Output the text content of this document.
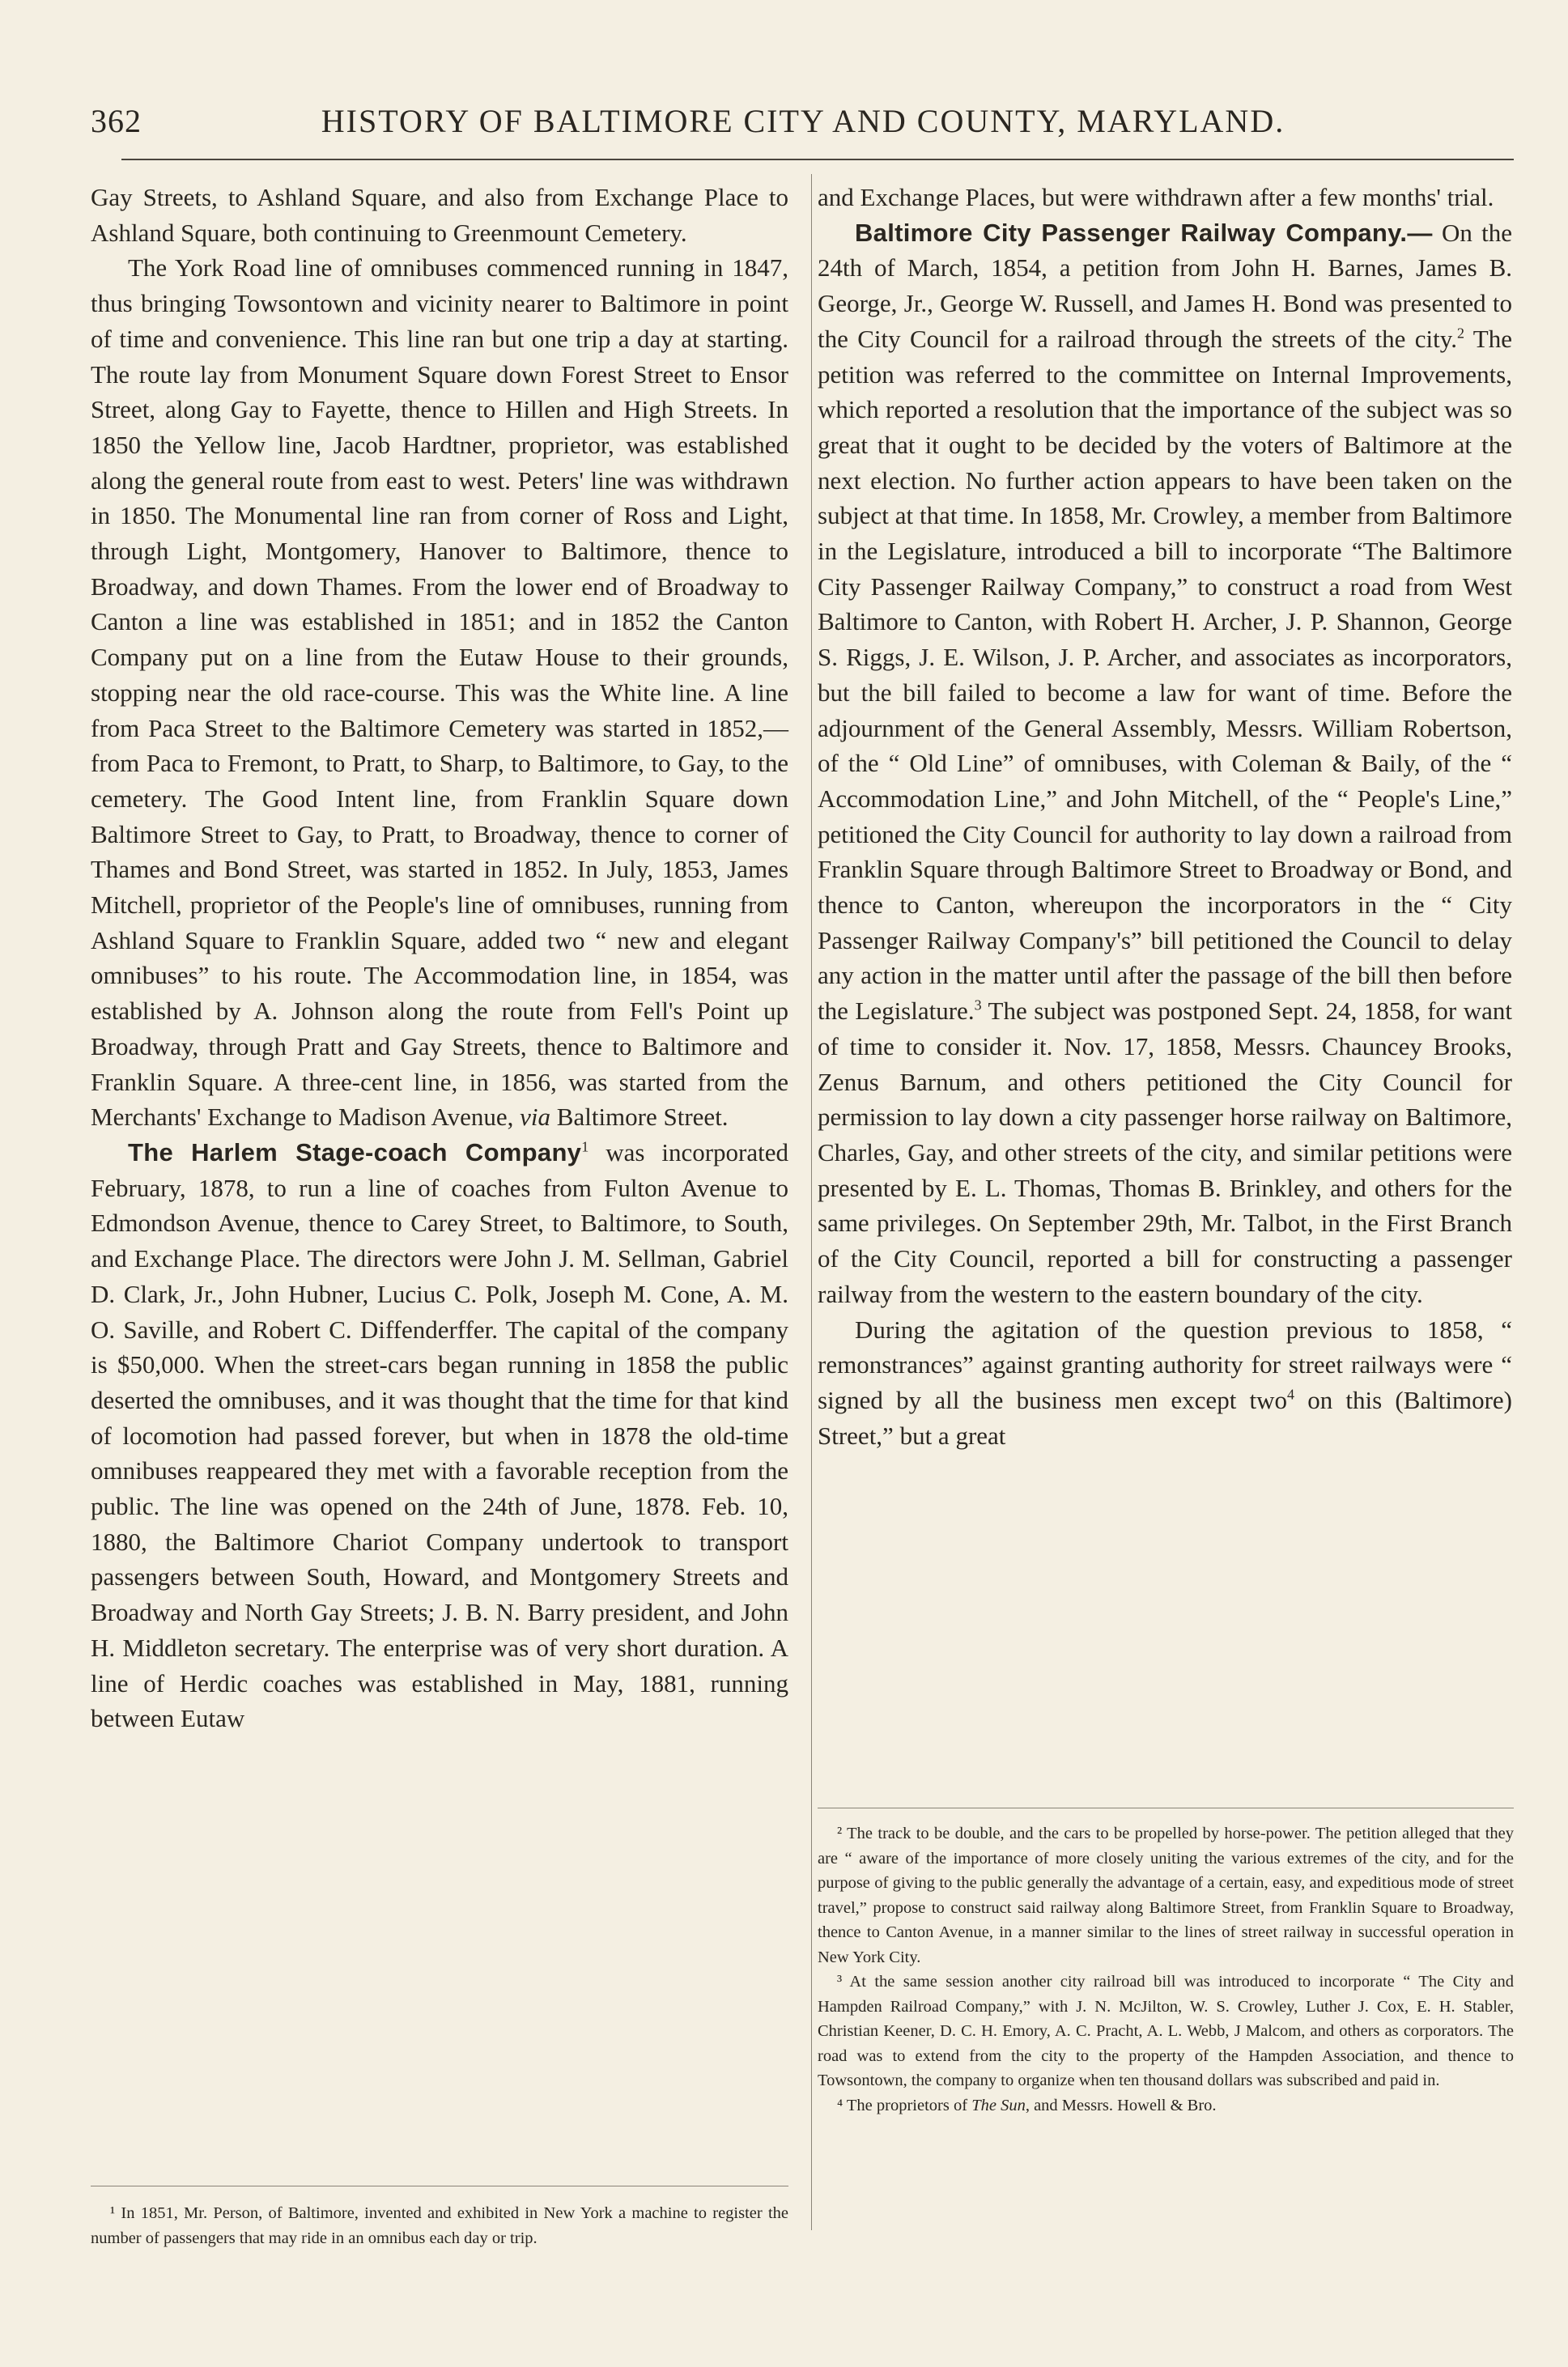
362	HISTORY OF BALTIMORE CITY AND COUNTY, MARYLAND.

Gay Streets, to Ashland Square, and also from Exchange Place to Ashland Square, both continuing to Greenmount Cemetery.

The York Road line of omnibuses commenced running in 1847, thus bringing Towsontown and vicinity nearer to Baltimore in point of time and convenience. This line ran but one trip a day at starting. The route lay from Monument Square down Forest Street to Ensor Street, along Gay to Fayette, thence to Hillen and High Streets. In 1850 the Yellow line, Jacob Hardtner, proprietor, was established along the general route from east to west. Peters' line was withdrawn in 1850. The Monumental line ran from corner of Ross and Light, through Light, Montgomery, Hanover to Baltimore, thence to Broadway, and down Thames. From the lower end of Broadway to Canton a line was established in 1851; and in 1852 the Canton Company put on a line from the Eutaw House to their grounds, stopping near the old race-course. This was the White line. A line from Paca Street to the Baltimore Cemetery was started in 1852,—from Paca to Fremont, to Pratt, to Sharp, to Baltimore, to Gay, to the cemetery. The Good Intent line, from Franklin Square down Baltimore Street to Gay, to Pratt, to Broadway, thence to corner of Thames and Bond Street, was started in 1852. In July, 1853, James Mitchell, proprietor of the People's line of omnibuses, running from Ashland Square to Franklin Square, added two “ new and elegant omnibuses” to his route. The Accommodation line, in 1854, was established by A. Johnson along the route from Fell's Point up Broadway, through Pratt and Gay Streets, thence to Baltimore and Franklin Square. A three-cent line, in 1856, was started from the Merchants' Exchange to Madison Avenue, via Baltimore Street.

The Harlem Stage-coach Company$^1$ was incorporated February, 1878, to run a line of coaches from Fulton Avenue to Edmondson Avenue, thence to Carey Street, to Baltimore, to South, and Exchange Place. The directors were John J. M. Sellman, Gabriel D. Clark, Jr., John Hubner, Lucius C. Polk, Joseph M. Cone, A. M. O. Saville, and Robert C. Diffenderffer. The capital of the company is $50,000. When the street-cars began running in 1858 the public deserted the omnibuses, and it was thought that the time for that kind of locomotion had passed forever, but when in 1878 the old-time omnibuses reappeared they met with a favorable reception from the public. The line was opened on the 24th of June, 1878. Feb. 10, 1880, the Baltimore Chariot Company undertook to transport passengers between South, Howard, and Montgomery Streets and Broadway and North Gay Streets; J. B. N. Barry president, and John H. Middleton secretary. The enterprise was of very short duration. A line of Herdic coaches was established in May, 1881, running between Eutaw

¹ In 1851, Mr. Person, of Baltimore, invented and exhibited in New York a machine to register the number of passengers that may ride in an omnibus each day or trip.

and Exchange Places, but were withdrawn after a few months' trial.

Baltimore City Passenger Railway Company.— On the 24th of March, 1854, a petition from John H. Barnes, James B. George, Jr., George W. Russell, and James H. Bond was presented to the City Council for a railroad through the streets of the city.$^2$ The petition was referred to the committee on Internal Improvements, which reported a resolution that the importance of the subject was so great that it ought to be decided by the voters of Baltimore at the next election. No further action appears to have been taken on the subject at that time. In 1858, Mr. Crowley, a member from Baltimore in the Legislature, introduced a bill to incorporate “The Baltimore City Passenger Railway Company,” to construct a road from West Baltimore to Canton, with Robert H. Archer, J. P. Shannon, George S. Riggs, J. E. Wilson, J. P. Archer, and associates as incorporators, but the bill failed to become a law for want of time. Before the adjournment of the General Assembly, Messrs. William Robertson, of the “ Old Line” of omnibuses, with Coleman & Baily, of the “ Accommodation Line,” and John Mitchell, of the “ People's Line,” petitioned the City Council for authority to lay down a railroad from Franklin Square through Baltimore Street to Broadway or Bond, and thence to Canton, whereupon the incorporators in the “ City Passenger Railway Company's” bill petitioned the Council to delay any action in the matter until after the passage of the bill then before the Legislature.$^3$ The subject was postponed Sept. 24, 1858, for want of time to consider it. Nov. 17, 1858, Messrs. Chauncey Brooks, Zenus Barnum, and others petitioned the City Council for permission to lay down a city passenger horse railway on Baltimore, Charles, Gay, and other streets of the city, and similar petitions were presented by E. L. Thomas, Thomas B. Brinkley, and others for the same privileges. On September 29th, Mr. Talbot, in the First Branch of the City Council, reported a bill for constructing a passenger railway from the western to the eastern boundary of the city.

During the agitation of the question previous to 1858, “ remonstrances” against granting authority for street railways were “ signed by all the business men except two$^4$ on this (Baltimore) Street,” but a great

² The track to be double, and the cars to be propelled by horse-power. The petition alleged that they are “ aware of the importance of more closely uniting the various extremes of the city, and for the purpose of giving to the public generally the advantage of a certain, easy, and expeditious mode of street travel,” propose to construct said railway along Baltimore Street, from Franklin Square to Broadway, thence to Canton Avenue, in a manner similar to the lines of street railway in successful operation in New York City.

³ At the same session another city railroad bill was introduced to incorporate “ The City and Hampden Railroad Company,” with J. N. McJilton, W. S. Crowley, Luther J. Cox, E. H. Stabler, Christian Keener, D. C. H. Emory, A. C. Pracht, A. L. Webb, J Malcom, and others as corporators. The road was to extend from the city to the property of the Hampden Association, and thence to Towsontown, the company to organize when ten thousand dollars was subscribed and paid in.

⁴ The proprietors of The Sun, and Messrs. Howell & Bro.
